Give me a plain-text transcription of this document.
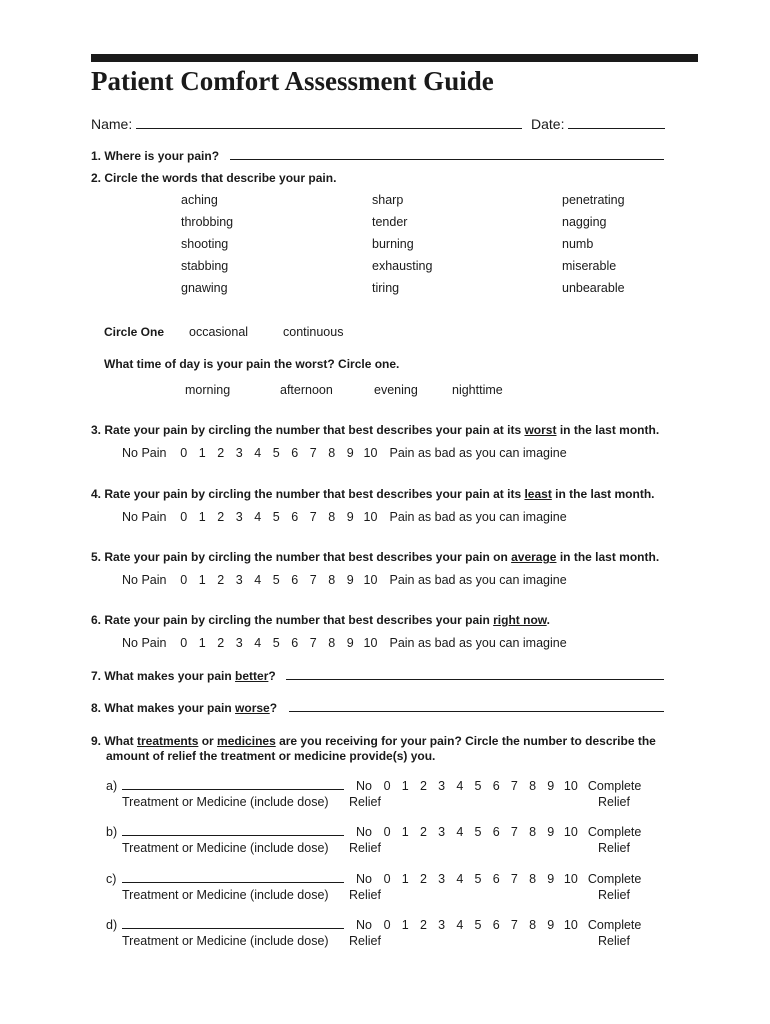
Patient Comfort Assessment Guide
Name:	Date:
1. Where is your pain?
2. Circle the words that describe your pain.
aching	sharp	penetrating
throbbing	tender	nagging
shooting	burning	numb
stabbing	exhausting	miserable
gnawing	tiring	unbearable
Circle One occasional	continuous
What time of day is your pain the worst? Circle one.
morning	afternoon	evening	nighttime
3. Rate your pain by circling the number that best describes your pain at its worst in the last month.
No Pain	0 1 2 3 4 5 6 7 8 9 10 Pain as bad as you can imagine
4. Rate your pain by circling the number that best describes your pain at its least in the last month.
No Pain	0 1 2 3 4 5 6 7 8 9 10 Pain as bad as you can imagine
5. Rate your pain by circling the number that best describes your pain on average in the last month.
No Pain	0 1 2 3 4 5 6 7 8 9 10 Pain as bad as you can imagine
6. Rate your pain by circling the number that best describes your pain right now.
No Pain	0 1 2 3 4 5 6 7 8 9 10 Pain as bad as you can imagine
7. What makes your pain better?
8. What makes your pain worse?
9. What treatments or medicines are you receiving for your pain? Circle the number to describe the
amount of relief the treatment or medicine provide(s) you.
a)
Treatment or Medicine (include dose)
No 0 1 2 3 4 5 6 7 8 9 10 Complete
Relief	Relief
b)
Treatment or Medicine (include dose)
No 0 1 2 3 4 5 6 7 8 9 10 Complete
Relief	Relief
c)
Treatment or Medicine (include dose)
No 0 1 2 3 4 5 6 7 8 9 10 Complete
Relief	Relief
d)
Treatment or Medicine (include dose)
No 0 1 2 3 4 5 6 7 8 9 10 Complete
Relief	Relief
